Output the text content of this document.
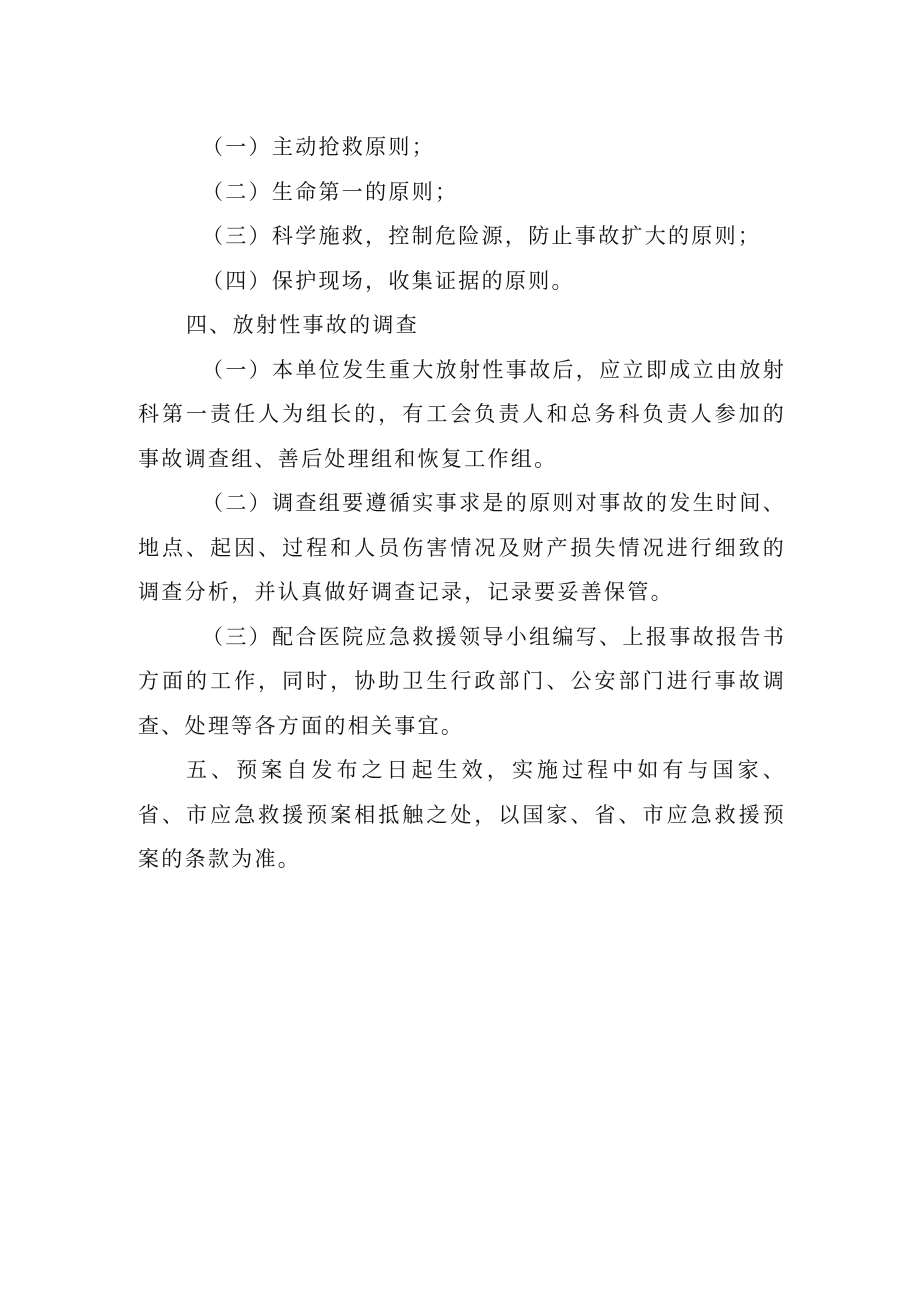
（一）主动抢救原则；

（二）生命第一的原则；

（三）科学施救，控制危险源，防止事故扩大的原则；

（四）保护现场，收集证据的原则。

四、放射性事故的调查

（一）本单位发生重大放射性事故后，应立即成立由放射科第一责任人为组长的，有工会负责人和总务科负责人参加的事故调查组、善后处理组和恢复工作组。

（二）调查组要遵循实事求是的原则对事故的发生时间、地点、起因、过程和人员伤害情况及财产损失情况进行细致的调查分析，并认真做好调查记录，记录要妥善保管。

（三）配合医院应急救援领导小组编写、上报事故报告书方面的工作，同时，协助卫生行政部门、公安部门进行事故调查、处理等各方面的相关事宜。

五、预案自发布之日起生效，实施过程中如有与国家、省、市应急救援预案相抵触之处，以国家、省、市应急救援预案的条款为准。
